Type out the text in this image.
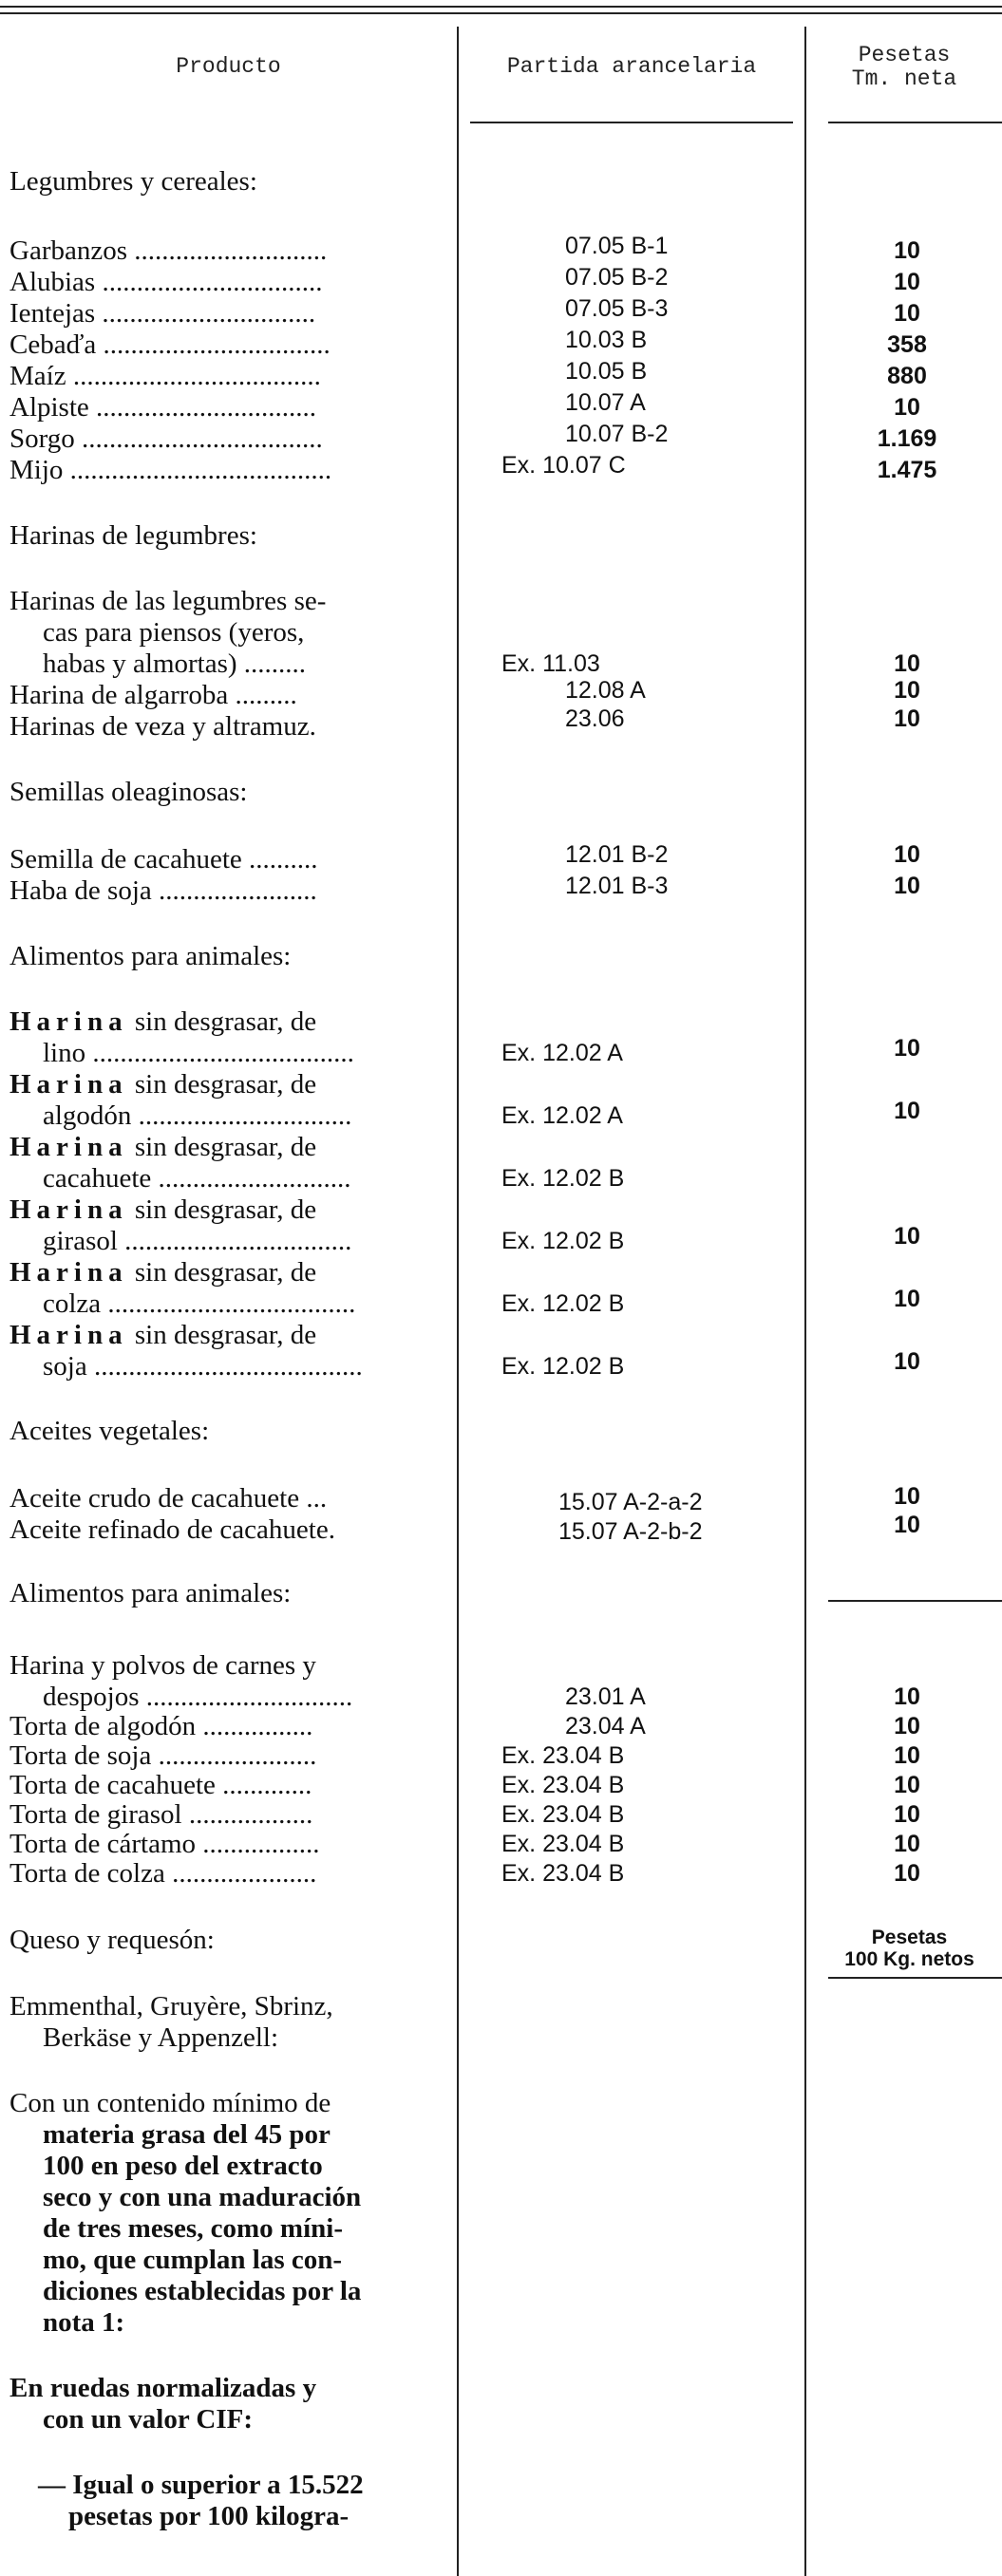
Producto	Partida arancelaria	Pesetas
Tm. neta
Legumbres y cereales:
Garbanzos ............................	07.05 B-1	10
Alubias ................................	07.05 B-2	10
Ientejas ...............................	07.05 B-3	10
Cebaďa .................................	10.03 B	358
Maíz ....................................	10.05 B	880
Alpiste ................................	10.07 A	10
Sorgo ...................................	10.07 B-2	1.169
Mijo ......................................	Ex. 10.07 C	1.475
Harinas de legumbres:
Harinas de las legumbres se-
cas para piensos (yeros,
habas y almortas) .........	Ex. 11.03	10
Harina de algarroba .........	12.08 A	10
Harinas de veza y altramuz.	23.06	10
Semillas oleaginosas:
Semilla de cacahuete ..........	12.01 B-2	10
Haba de soja .......................	12.01 B-3	10
Alimentos para animales:
Harina sin desgrasar, de
lino ......................................	Ex. 12.02 A	10
Harina sin desgrasar, de
algodón ...............................	Ex. 12.02 A	10
Harina sin desgrasar, de
cacahuete ............................	Ex. 12.02 B
Harina sin desgrasar, de
girasol .................................	Ex. 12.02 B	10
Harina sin desgrasar, de
colza ....................................	Ex. 12.02 B	10
Harina sin desgrasar, de
soja .......................................	Ex. 12.02 B	10
Aceites vegetales:
Aceite crudo de cacahuete ...	15.07 A-2-a-2	10
Aceite refinado de cacahuete.	15.07 A-2-b-2	10
Alimentos para animales:
Harina y polvos de carnes y
despojos ..............................	23.01 A	10
Torta de algodón ................	23.04 A	10
Torta de soja .......................	Ex. 23.04 B	10
Torta de cacahuete .............	Ex. 23.04 B	10
Torta de girasol ..................	Ex. 23.04 B	10
Torta de cártamo .................	Ex. 23.04 B	10
Torta de colza .....................	Ex. 23.04 B	10
Queso y requesón:	Pesetas
100 Kg. netos
Emmenthal, Gruyère, Sbrinz,
Berkäse y Appenzell:
Con un contenido mínimo de
materia grasa del 45 por
100 en peso del extracto
seco y con una maduración
de tres meses, como míni-
mo, que cumplan las con-
diciones establecidas por la
nota 1:
En ruedas normalizadas y
con un valor CIF:
— Igual o superior a 15.522
pesetas por 100 kilogra-
